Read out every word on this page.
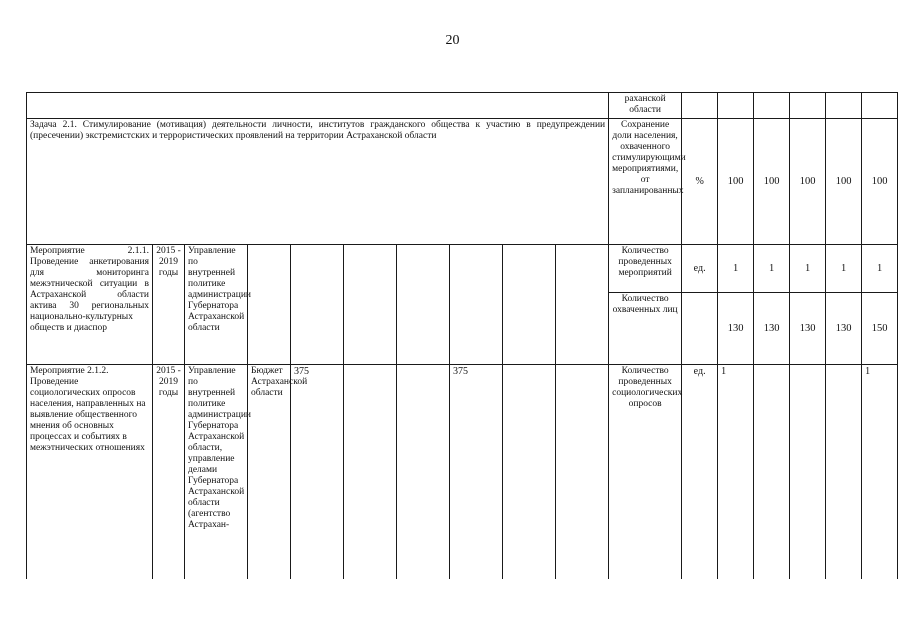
20
										раханской области							
Задача 2.1. Стимулирование (мотивация) деятельности личности, институтов гражданского общества к участию в предупреждении (пресечении) экстремистских и террористических проявлений на территории Астраханской области										Сохранение доли населения, охваченного стимулирующими мероприятиями, от запланированных	%	100	100	100	100	100	
Мероприятие 2.1.1. Проведение анкетирования для мониторинга межэтнической ситуации в Астраханской области актива 30 региональных национально-культурных обществ и диаспор	2015 - 2019 годы	Управление по внутренней политике администрации Губернатора Астраханской области								Количество проведенных мероприятий	ед.	1	1	1	1	1	
										Количество охваченных лиц		130	130	130	130	150	
Мероприятие 2.1.2. Проведение социологических опросов населения, направленных на выявление общественного мнения об основных процессах и событиях в межэтнических отношениях	2015 - 2019 годы	Управление по внутренней политике администрации Губернатора Астраханской области, управление делами Губернатора Астраханской области (агентство Астрахан-	Бюджет Астраханской области	375			375			Количество проведенных социологических опросов	ед.	1				1	
